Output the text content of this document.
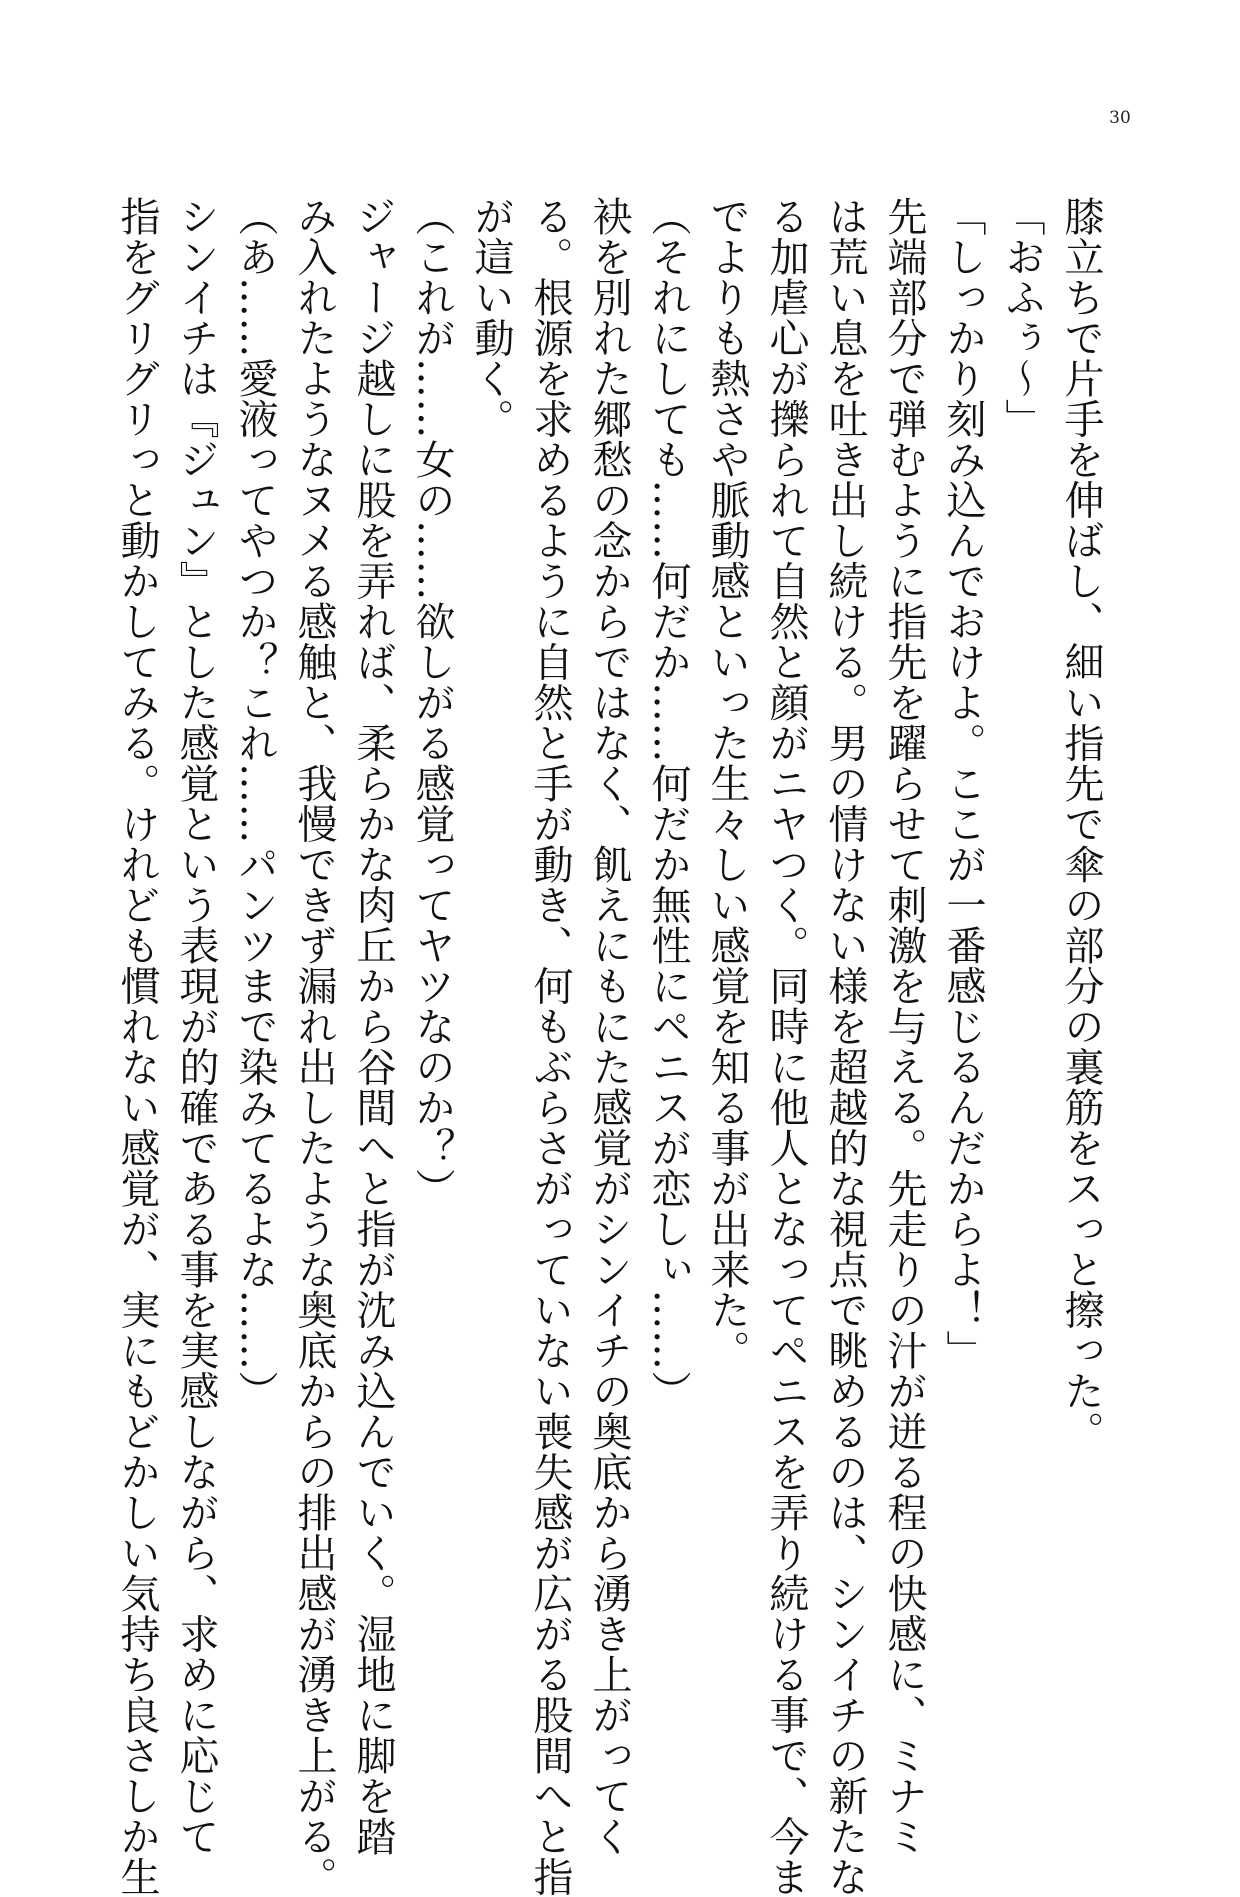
30

膝立ちで片手を伸ばし、細い指先で傘の部分の裏筋をスっと擦った。

「おふぅ～」

「しっかり刻み込んでおけよ。ここが一番感じるんだからよ！」

先端部分で弾むように指先を躍らせて刺激を与える。先走りの汁が迸る程の快感に、ミナミ

は荒い息を吐き出し続ける。男の情けない様を超越的な視点で眺めるのは、シンイチの新たな

る加虐心が擽られて自然と顔がニヤつく。同時に他人となってペニスを弄り続ける事で、今ま

でよりも熱さや脈動感といった生々しい感覚を知る事が出来た。

（それにしても……何だか……何だか無性にペニスが恋しぃ……）

袂を別れた郷愁の念からではなく、飢えにもにた感覚がシンイチの奥底から湧き上がってく

る。根源を求めるように自然と手が動き、何もぶらさがっていない喪失感が広がる股間へと指

が這い動く。

（これが……女の……欲しがる感覚ってヤツなのか？）

ジャージ越しに股を弄れば、柔らかな肉丘から谷間へと指が沈み込んでいく。湿地に脚を踏

み入れたようなヌメる感触と、我慢できず漏れ出したような奥底からの排出感が湧き上がる。

（あ……愛液ってやつか？これ……パンツまで染みてるよな……）

シンイチは『ジュン』とした感覚という表現が的確である事を実感しながら、求めに応じて

指をグリグリっと動かしてみる。けれども慣れない感覚が、実にもどかしい気持ち良さしか生
